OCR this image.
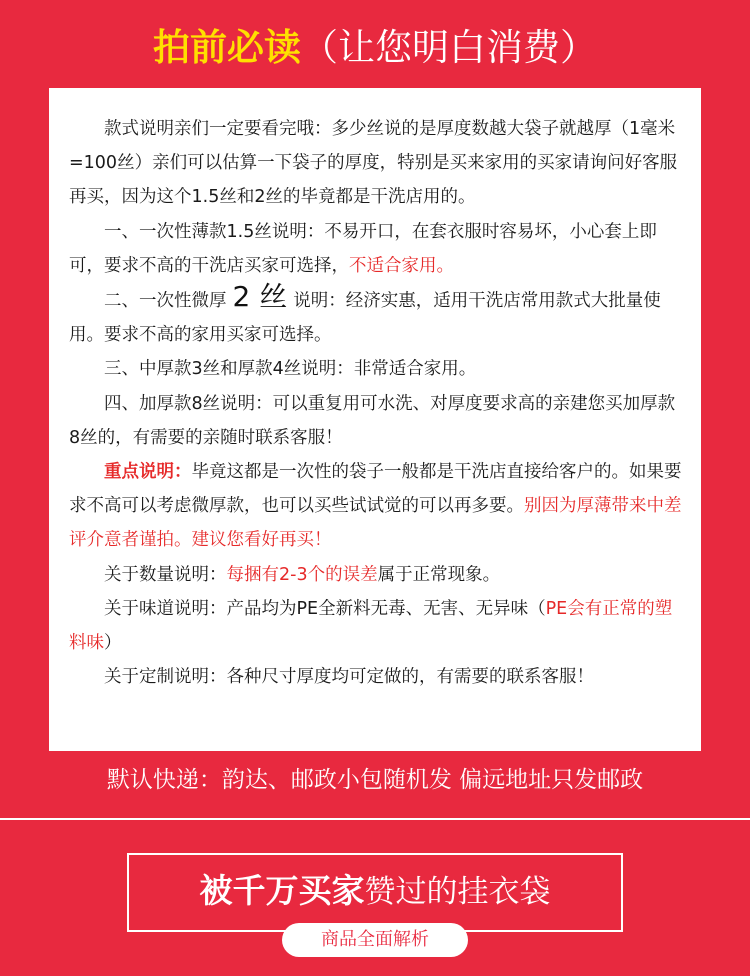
拍前必读（让您明白消费）

款式说明亲们一定要看完哦：多少丝说的是厚度数越大袋子就越厚（1毫米=100丝）亲们可以估算一下袋子的厚度，特别是买来家用的买家请询问好客服再买，因为这个1.5丝和2丝的毕竟都是干洗店用的。

一、一次性薄款1.5丝说明：不易开口，在套衣服时容易坏，小心套上即可，要求不高的干洗店买家可选择，不适合家用。

二、一次性微厚 2 丝 说明：经济实惠，适用干洗店常用款式大批量使用。要求不高的家用买家可选择。

三、中厚款3丝和厚款4丝说明：非常适合家用。

四、加厚款8丝说明：可以重复用可水洗、对厚度要求高的亲建您买加厚款8丝的，有需要的亲随时联系客服！

重点说明：毕竟这都是一次性的袋子一般都是干洗店直接给客户的。如果要求不高可以考虑微厚款，也可以买些试试觉的可以再多要。别因为厚薄带来中差评介意者谨拍。建议您看好再买！

关于数量说明：每捆有2-3个的误差属于正常现象。

关于味道说明：产品均为PE全新料无毒、无害、无异味（PE会有正常的塑料味）

关于定制说明：各种尺寸厚度均可定做的，有需要的联系客服！

默认快递：韵达、邮政小包随机发 偏远地址只发邮政
被千万买家赞过的挂衣袋
商品全面解析
